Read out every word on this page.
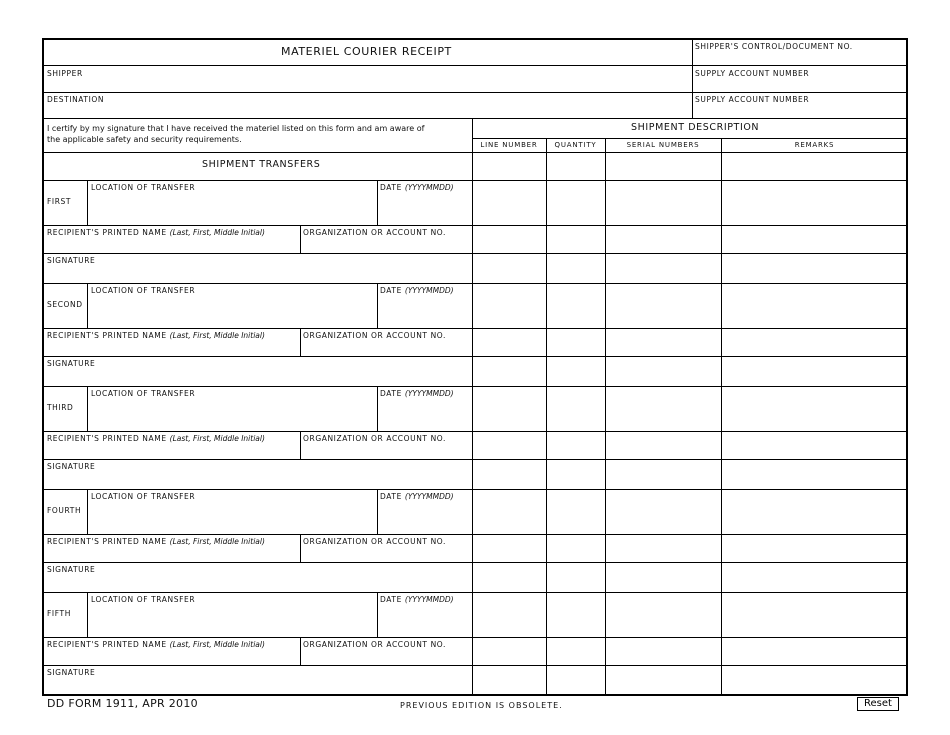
MATERIEL COURIER RECEIPT	SHIPPER'S CONTROL/DOCUMENT NO.
SHIPPER	SUPPLY ACCOUNT NUMBER
DESTINATION	SUPPLY ACCOUNT NUMBER
I certify by my signature that I have received the materiel listed on this form and am aware of
the applicable safety and security requirements.
SHIPMENT DESCRIPTION
LINE NUMBER	QUANTITY	SERIAL NUMBERS	REMARKS
SHIPMENT TRANSFERS
FIRST
LOCATION OF TRANSFER	DATE (YYYYMMDD)
RECIPIENT'S PRINTED NAME (Last, First, Middle Initial)	ORGANIZATION OR ACCOUNT NO.
SIGNATURE
SECOND
LOCATION OF TRANSFER	DATE (YYYYMMDD)
RECIPIENT'S PRINTED NAME (Last, First, Middle Initial)	ORGANIZATION OR ACCOUNT NO.
SIGNATURE
THIRD
LOCATION OF TRANSFER	DATE (YYYYMMDD)
RECIPIENT'S PRINTED NAME (Last, First, Middle Initial)	ORGANIZATION OR ACCOUNT NO.
SIGNATURE
FOURTH
LOCATION OF TRANSFER	DATE (YYYYMMDD)
RECIPIENT'S PRINTED NAME (Last, First, Middle Initial)	ORGANIZATION OR ACCOUNT NO.
SIGNATURE
FIFTH
LOCATION OF TRANSFER	DATE (YYYYMMDD)
RECIPIENT'S PRINTED NAME (Last, First, Middle Initial)	ORGANIZATION OR ACCOUNT NO.
SIGNATURE
DD FORM 1911, APR 2010	PREVIOUS EDITION IS OBSOLETE.	Reset
